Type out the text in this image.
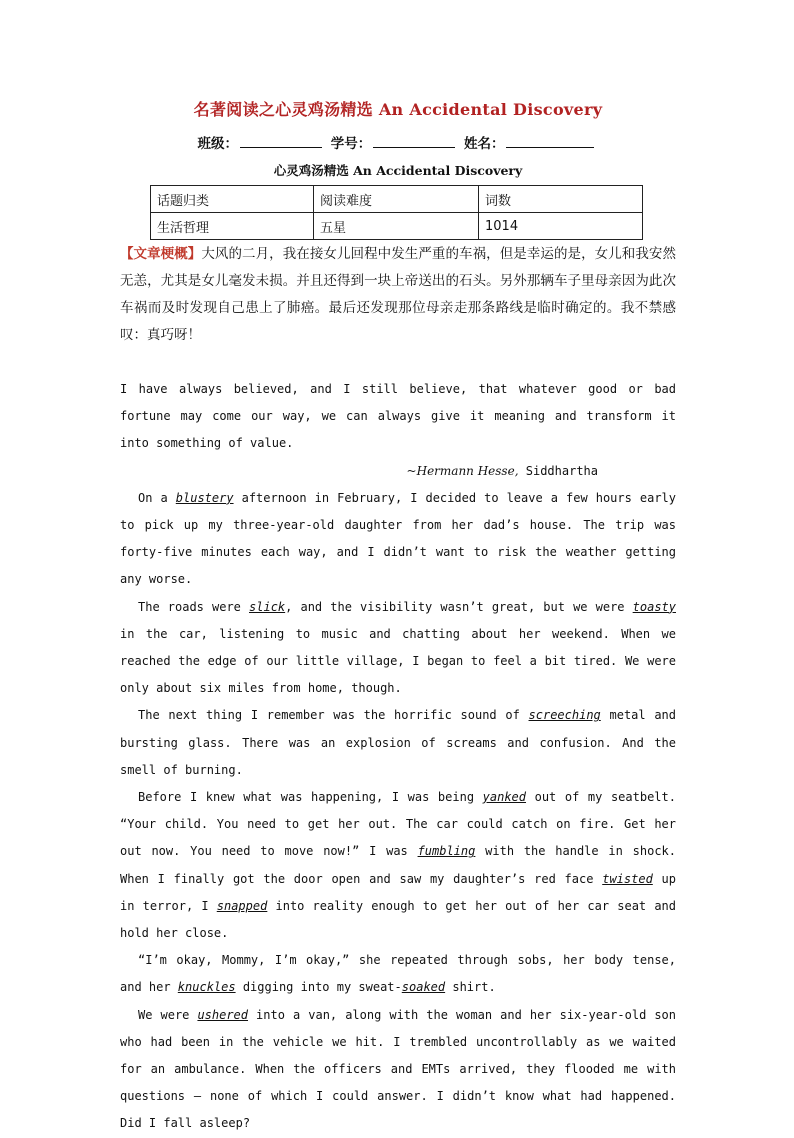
名著阅读之心灵鸡汤精选 An Accidental Discovery
班级：	学号：	姓名：
心灵鸡汤精选 An Accidental Discovery
话题归类	阅读难度	词数
生活哲理	五星	1014
【文章梗概】大风的二月，我在接女儿回程中发生严重的车祸，但是幸运的是，女儿和我安然无恙，尤其是女儿毫发未损。并且还得到一块上帝送出的石头。另外那辆车子里母亲因为此次车祸而及时发现自己患上了肺癌。最后还发现那位母亲走那条路线是临时确定的。我不禁感叹：真巧呀！

I have always believed, and I still believe, that whatever good or bad fortune may come our way, we can always give it meaning and transform it into something of value.

~Hermann Hesse, Siddhartha

On a blustery afternoon in February, I decided to leave a few hours early to pick up my three-year-old daughter from her dad’s house. The trip was forty-five minutes each way, and I didn’t want to risk the weather getting any worse.

The roads were slick, and the visibility wasn’t great, but we were toasty in the car, listening to music and chatting about her weekend. When we reached the edge of our little village, I began to feel a bit tired. We were only about six miles from home, though.

The next thing I remember was the horrific sound of screeching metal and bursting glass. There was an explosion of screams and confusion. And the smell of burning.

Before I knew what was happening, I was being yanked out of my seatbelt. “Your child. You need to get her out. The car could catch on fire. Get her out now. You need to move now!” I was fumbling with the handle in shock. When I finally got the door open and saw my daughter’s red face twisted up in terror, I snapped into reality enough to get her out of her car seat and hold her close.

“I’m okay, Mommy, I’m okay,” she repeated through sobs, her body tense, and her knuckles digging into my sweat-soaked shirt.

We were ushered into a van, along with the woman and her six-year-old son who had been in the vehicle we hit. I trembled uncontrollably as we waited for an ambulance. When the officers and EMTs arrived, they flooded me with questions — none of which I could answer. I didn’t know what had happened. Did I fall asleep?
